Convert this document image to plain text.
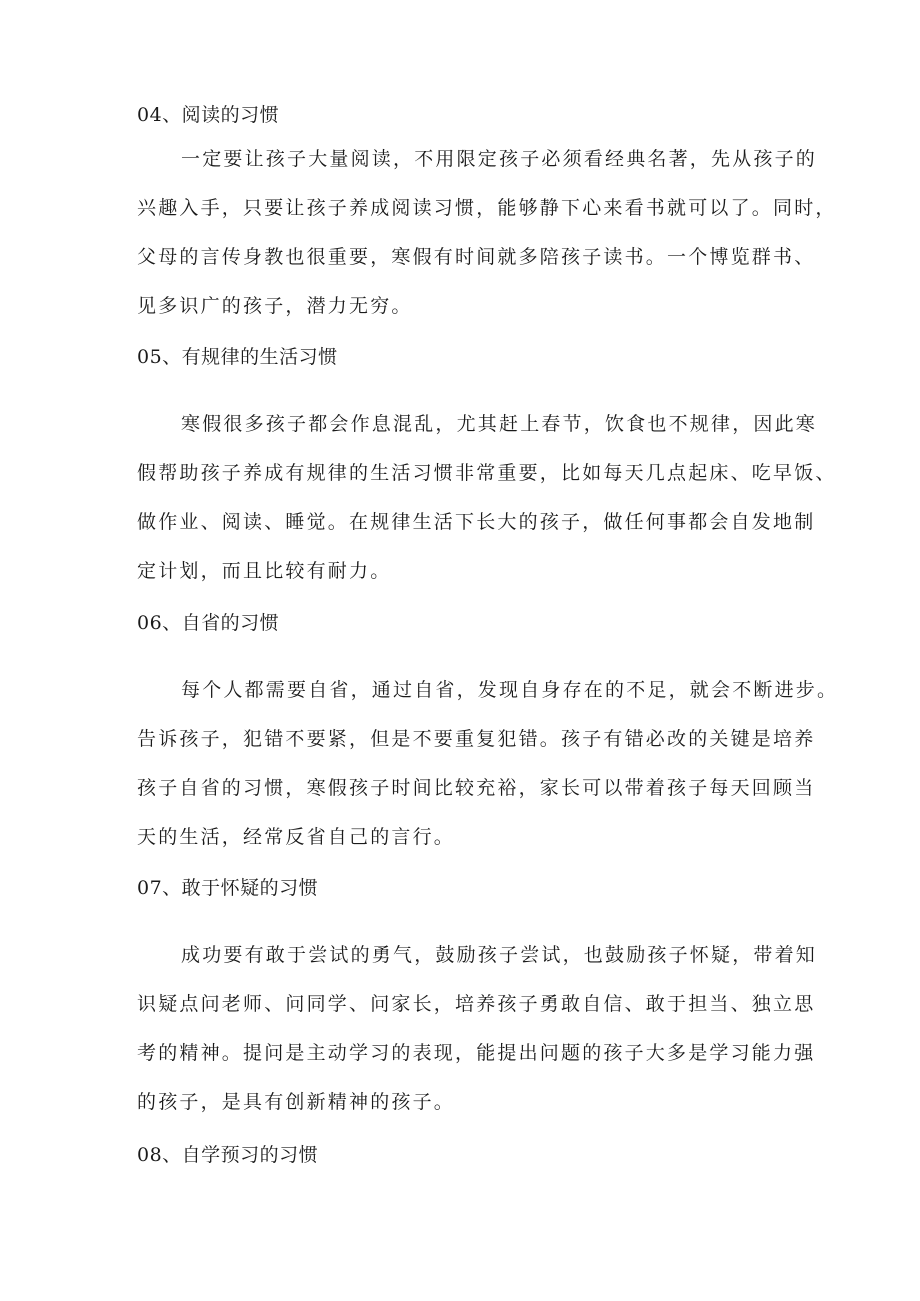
04、阅读的习惯
一定要让孩子大量阅读，不用限定孩子必须看经典名著，先从孩子的
兴趣入手，只要让孩子养成阅读习惯，能够静下心来看书就可以了。同时，
父母的言传身教也很重要，寒假有时间就多陪孩子读书。一个博览群书、
见多识广的孩子，潜力无穷。
05、有规律的生活习惯
寒假很多孩子都会作息混乱，尤其赶上春节，饮食也不规律，因此寒
假帮助孩子养成有规律的生活习惯非常重要，比如每天几点起床、吃早饭、
做作业、阅读、睡觉。在规律生活下长大的孩子，做任何事都会自发地制
定计划，而且比较有耐力。
06、自省的习惯
每个人都需要自省，通过自省，发现自身存在的不足，就会不断进步。
告诉孩子，犯错不要紧，但是不要重复犯错。孩子有错必改的关键是培养
孩子自省的习惯，寒假孩子时间比较充裕，家长可以带着孩子每天回顾当
天的生活，经常反省自己的言行。
07、敢于怀疑的习惯
成功要有敢于尝试的勇气，鼓励孩子尝试，也鼓励孩子怀疑，带着知
识疑点问老师、问同学、问家长，培养孩子勇敢自信、敢于担当、独立思
考的精神。提问是主动学习的表现，能提出问题的孩子大多是学习能力强
的孩子，是具有创新精神的孩子。
08、自学预习的习惯
